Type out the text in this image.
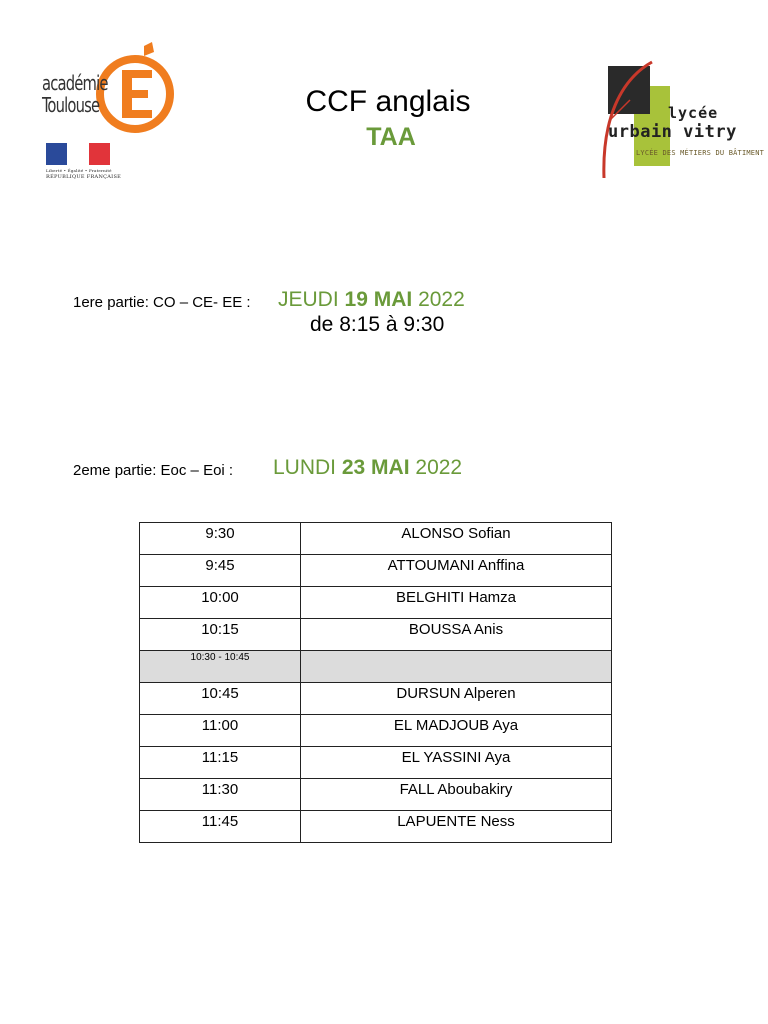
académie
Toulouse
Liberté • Égalité • Fraternité
RÉPUBLIQUE FRANÇAISE
CCF anglais
TAA
lycée
urbain vitry
LYCÉE DES MÉTIERS DU BÂTIMENT
1ere partie: CO – CE- EE : JEUDI 19 MAI 2022
de 8:15 à 9:30
2eme partie: Eoc – Eoi : LUNDI 23 MAI 2022
9:30	ALONSO Sofian
9:45	ATTOUMANI Anffina
10:00	BELGHITI Hamza
10:15	BOUSSA Anis
10:30 - 10:45	
10:45	DURSUN Alperen
11:00	EL MADJOUB Aya
11:15	EL YASSINI Aya
11:30	FALL Aboubakiry
11:45	LAPUENTE Ness
